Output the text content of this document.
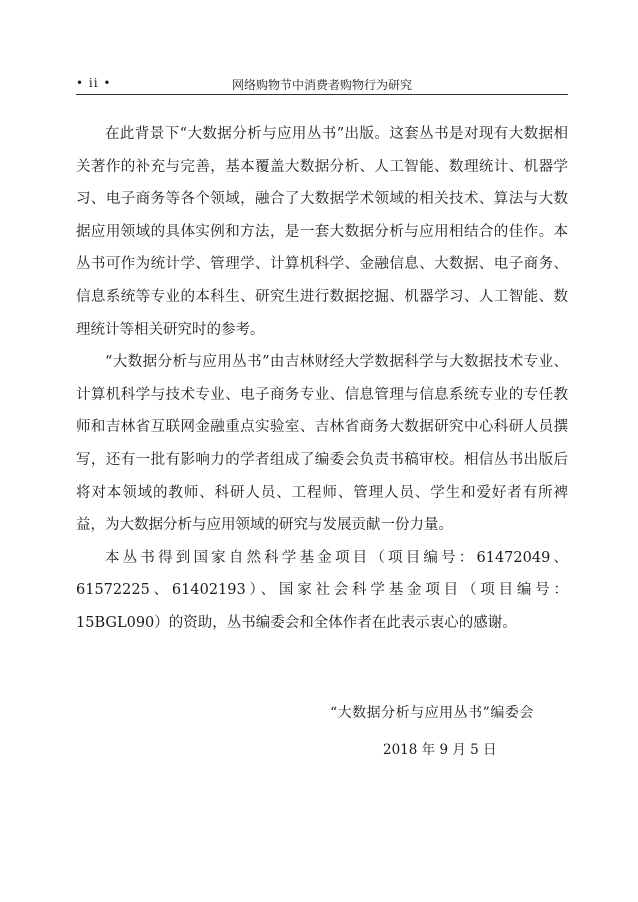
• ii •	网络购物节中消费者购物行为研究

在此背景下“大数据分析与应用丛书”出版。这套丛书是对现有大数据相关著作的补充与完善，基本覆盖大数据分析、人工智能、数理统计、机器学习、电子商务等各个领域，融合了大数据学术领域的相关技术、算法与大数据应用领域的具体实例和方法，是一套大数据分析与应用相结合的佳作。本丛书可作为统计学、管理学、计算机科学、金融信息、大数据、电子商务、信息系统等专业的本科生、研究生进行数据挖掘、机器学习、人工智能、数理统计等相关研究时的参考。

“大数据分析与应用丛书”由吉林财经大学数据科学与大数据技术专业、计算机科学与技术专业、电子商务专业、信息管理与信息系统专业的专任教师和吉林省互联网金融重点实验室、吉林省商务大数据研究中心科研人员撰写，还有一批有影响力的学者组成了编委会负责书稿审校。相信丛书出版后将对本领域的教师、科研人员、工程师、管理人员、学生和爱好者有所裨益，为大数据分析与应用领域的研究与发展贡献一份力量。

本丛书得到国家自然科学基金项目（项目编号：61472049、61572225、61402193）、国家社会科学基金项目（项目编号：15BGL090）的资助，丛书编委会和全体作者在此表示衷心的感谢。

“大数据分析与应用丛书”编委会
2018 年 9 月 5 日
